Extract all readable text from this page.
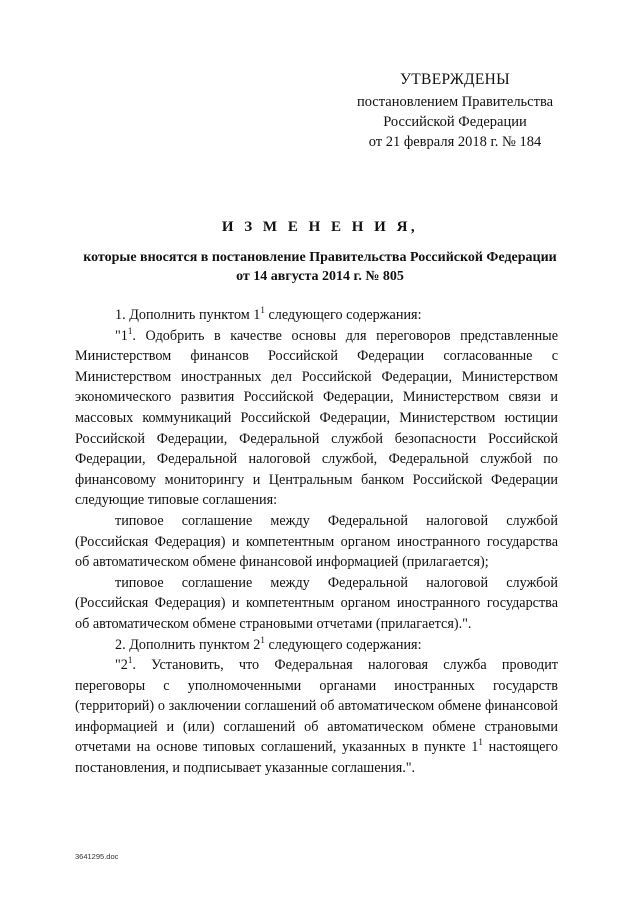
УТВЕРЖДЕНЫ
постановлением Правительства
Российской Федерации
от 21 февраля 2018 г. № 184
И З М Е Н Е Н И Я,
которые вносятся в постановление Правительства Российской Федерации от 14 августа 2014 г. № 805

1. Дополнить пунктом $1^1$ следующего содержания:

"$1^1$. Одобрить в качестве основы для переговоров представленные Министерством финансов Российской Федерации согласованные с Министерством иностранных дел Российской Федерации, Министерством экономического развития Российской Федерации, Министерством связи и массовых коммуникаций Российской Федерации, Министерством юстиции Российской Федерации, Федеральной службой безопасности Российской Федерации, Федеральной налоговой службой, Федеральной службой по финансовому мониторингу и Центральным банком Российской Федерации следующие типовые соглашения:

типовое соглашение между Федеральной налоговой службой (Российская Федерация) и компетентным органом иностранного государства об автоматическом обмене финансовой информацией (прилагается);

типовое соглашение между Федеральной налоговой службой (Российская Федерация) и компетентным органом иностранного государства об автоматическом обмене страновыми отчетами (прилагается).".

2. Дополнить пунктом $2^1$ следующего содержания:

"$2^1$. Установить, что Федеральная налоговая служба проводит переговоры с уполномоченными органами иностранных государств (территорий) о заключении соглашений об автоматическом обмене финансовой информацией и (или) соглашений об автоматическом обмене страновыми отчетами на основе типовых соглашений, указанных в пункте $1^1$ настоящего постановления, и подписывает указанные соглашения.".

3641295.doc
